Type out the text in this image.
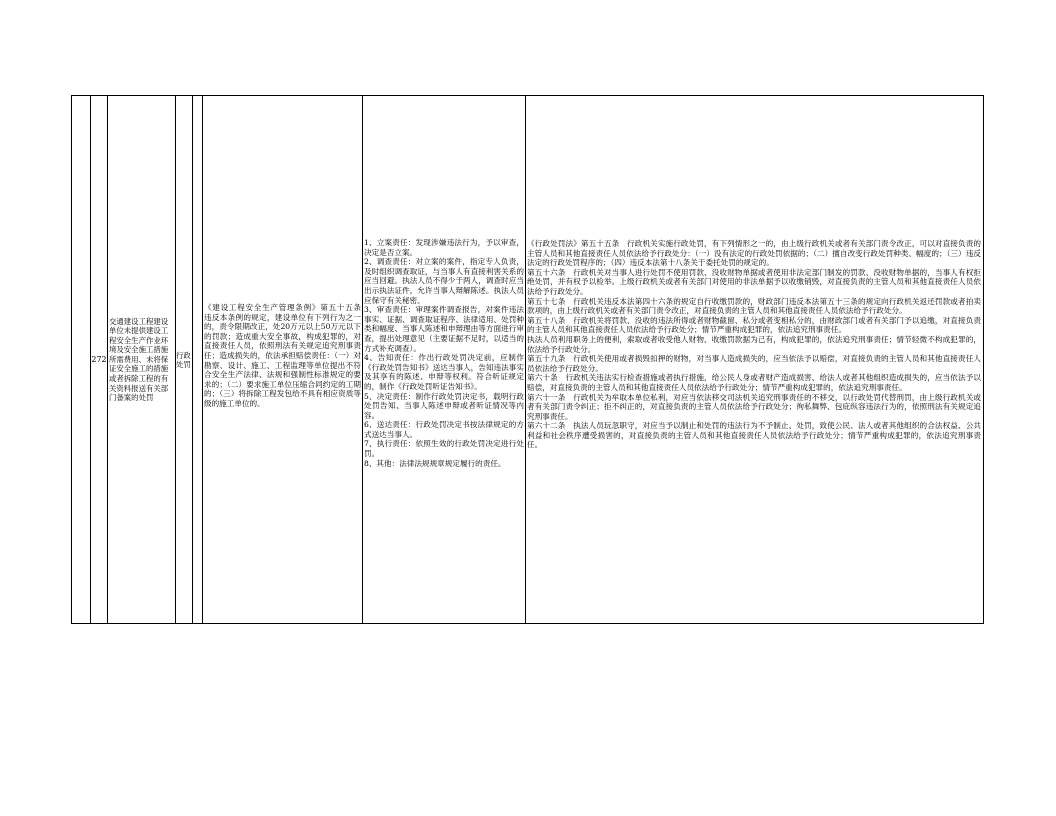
272
交通建设工程建设单位未提供建设工程安全生产作业环境及安全施工措施所需费用、未将保证安全施工的措施或者拆除工程的有关资料报送有关部门备案的处罚
行政处罚
《建设工程安全生产管理条例》第五十五条　违反本条例的规定，建设单位有下列行为之一的，责令限期改正，处20万元以上50万元以下的罚款；造成重大安全事故，构成犯罪的，对直接责任人员，依照刑法有关规定追究刑事责任；造成损失的，依法承担赔偿责任：（一）对勘察、设计、施工、工程监理等单位提出不符合安全生产法律、法规和强制性标准规定的要求的；（二）要求施工单位压缩合同约定的工期的；（三）将拆除工程发包给不具有相应资质等级的施工单位的。

1、立案责任：发现涉嫌违法行为，予以审查，决定是否立案。

2、调查责任：对立案的案件，指定专人负责，及时组织调查取证，与当事人有直接利害关系的应当回避。执法人员不得少于两人，调查时应当出示执法证件，允许当事人辩解陈述。执法人员应保守有关秘密。

3、审查责任：审理案件调查报告，对案件违法事实、证据、调查取证程序、法律适用、处罚种类和幅度、当事人陈述和申辩理由等方面进行审查，提出处理意见（主要证据不足时，以适当的方式补充调查）。

4、告知责任：作出行政处罚决定前，应制作《行政处罚告知书》送达当事人，告知违法事实及其享有的陈述、申辩等权利。符合听证规定的，制作《行政处罚听证告知书》。

5、决定责任：制作行政处罚决定书，载明行政处罚告知、当事人陈述申辩或者听证情况等内容。

6、送达责任：行政处罚决定书按法律规定的方式送达当事人。

7、执行责任：依照生效的行政处罚决定进行处罚。

8、其他：法律法规规章规定履行的责任。

《行政处罚法》第五十五条　行政机关实施行政处罚，有下列情形之一的，由上级行政机关或者有关部门责令改正，可以对直接负责的主管人员和其他直接责任人员依法给予行政处分：（一）没有法定的行政处罚依据的；（二）擅自改变行政处罚种类、幅度的；（三）违反法定的行政处罚程序的；（四）违反本法第十八条关于委托处罚的规定的。

第五十六条　行政机关对当事人进行处罚不使用罚款、没收财物单据或者使用非法定部门制发的罚款、没收财物单据的，当事人有权拒绝处罚，并有权予以检举。上级行政机关或者有关部门对使用的非法单据予以收缴销毁，对直接负责的主管人员和其他直接责任人员依法给予行政处分。

第五十七条　行政机关违反本法第四十六条的规定自行收缴罚款的，财政部门违反本法第五十三条的规定向行政机关返还罚款或者拍卖款项的，由上级行政机关或者有关部门责令改正，对直接负责的主管人员和其他直接责任人员依法给予行政处分。

第五十八条　行政机关将罚款、没收的违法所得或者财物截留、私分或者变相私分的，由财政部门或者有关部门予以追缴，对直接负责的主管人员和其他直接责任人员依法给予行政处分；情节严重构成犯罪的，依法追究刑事责任。

执法人员利用职务上的便利，索取或者收受他人财物、收缴罚款据为己有，构成犯罪的，依法追究刑事责任；情节轻微不构成犯罪的，依法给予行政处分。

第五十九条　行政机关使用或者损毁扣押的财物，对当事人造成损失的，应当依法予以赔偿，对直接负责的主管人员和其他直接责任人员依法给予行政处分。

第六十条　行政机关违法实行检查措施或者执行措施，给公民人身或者财产造成损害、给法人或者其他组织造成损失的，应当依法予以赔偿，对直接负责的主管人员和其他直接责任人员依法给予行政处分；情节严重构成犯罪的，依法追究刑事责任。

第六十一条　行政机关为牟取本单位私利，对应当依法移交司法机关追究刑事责任的不移交，以行政处罚代替刑罚，由上级行政机关或者有关部门责令纠正；拒不纠正的，对直接负责的主管人员依法给予行政处分；徇私舞弊、包庇纵容违法行为的，依照刑法有关规定追究刑事责任。

第六十二条　执法人员玩忽职守，对应当予以制止和处罚的违法行为不予制止、处罚，致使公民、法人或者其他组织的合法权益、公共利益和社会秩序遭受损害的，对直接负责的主管人员和其他直接责任人员依法给予行政处分；情节严重构成犯罪的，依法追究刑事责任。
